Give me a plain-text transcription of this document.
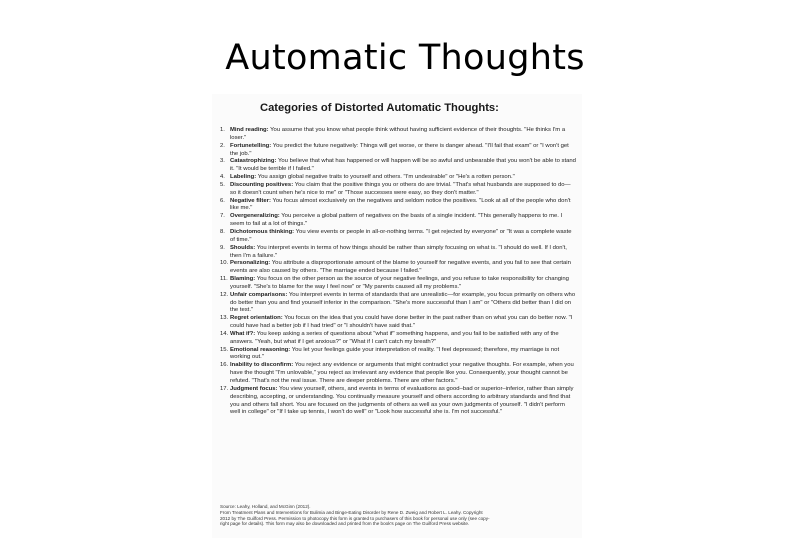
Automatic Thoughts
Categories of Distorted Automatic Thoughts:
1. Mind reading: You assume that you know what people think without having sufficient evidence of their thoughts. "He thinks I'm a loser."
2. Fortunetelling: You predict the future negatively: Things will get worse, or there is danger ahead. "I'll fail that exam" or "I won't get the job."
3. Catastrophizing: You believe that what has happened or will happen will be so awful and unbearable that you won't be able to stand it. "It would be terrible if I failed."
4. Labeling: You assign global negative traits to yourself and others. "I'm undesirable" or "He's a rotten person."
5. Discounting positives: You claim that the positive things you or others do are trivial. "That's what husbands are supposed to do—so it doesn't count when he's nice to me" or "Those successes were easy, so they don't matter."
6. Negative filter: You focus almost exclusively on the negatives and seldom notice the positives. "Look at all of the people who don't like me."
7. Overgeneralizing: You perceive a global pattern of negatives on the basis of a single incident. "This generally happens to me. I seem to fail at a lot of things."
8. Dichotomous thinking: You view events or people in all-or-nothing terms. "I get rejected by everyone" or "It was a complete waste of time."
9. Shoulds: You interpret events in terms of how things should be rather than simply focusing on what is. "I should do well. If I don't, then I'm a failure."
10. Personalizing: You attribute a disproportionate amount of the blame to yourself for negative events, and you fail to see that certain events are also caused by others. "The marriage ended because I failed."
11. Blaming: You focus on the other person as the source of your negative feelings, and you refuse to take responsibility for changing yourself. "She's to blame for the way I feel now" or "My parents caused all my problems."
12. Unfair comparisons: You interpret events in terms of standards that are unrealistic—for example, you focus primarily on others who do better than you and find yourself inferior in the comparison. "She's more successful than I am" or "Others did better than I did on the test."
13. Regret orientation: You focus on the idea that you could have done better in the past rather than on what you can do better now. "I could have had a better job if I had tried" or "I shouldn't have said that."
14. What if?: You keep asking a series of questions about "what if" something happens, and you fail to be satisfied with any of the answers. "Yeah, but what if I get anxious?" or "What if I can't catch my breath?"
15. Emotional reasoning: You let your feelings guide your interpretation of reality. "I feel depressed; therefore, my marriage is not working out."
16. Inability to disconfirm: You reject any evidence or arguments that might contradict your negative thoughts. For example, when you have the thought "I'm unlovable," you reject as irrelevant any evidence that people like you. Consequently, your thought cannot be refuted. "That's not the real issue. There are deeper problems. There are other factors."
17. Judgment focus: You view yourself, others, and events in terms of evaluations as good–bad or superior–inferior, rather than simply describing, accepting, or understanding. You continually measure yourself and others according to arbitrary standards and find that you and others fall short. You are focused on the judgments of others as well as your own judgments of yourself. "I didn't perform well in college" or "If I take up tennis, I won't do well" or "Look how successful she is. I'm not successful."
Source: Leahy, Holland, and McGinn (2012).
From Treatment Plans and Interventions for Bulimia and Binge-Eating Disorder by Rene D. Zweig and Robert L. Leahy. Copyright
2012 by The Guilford Press. Permission to photocopy this form is granted to purchasers of this book for personal use only (see copy-
right page for details). This form may also be downloaded and printed from the book's page on The Guilford Press website.
